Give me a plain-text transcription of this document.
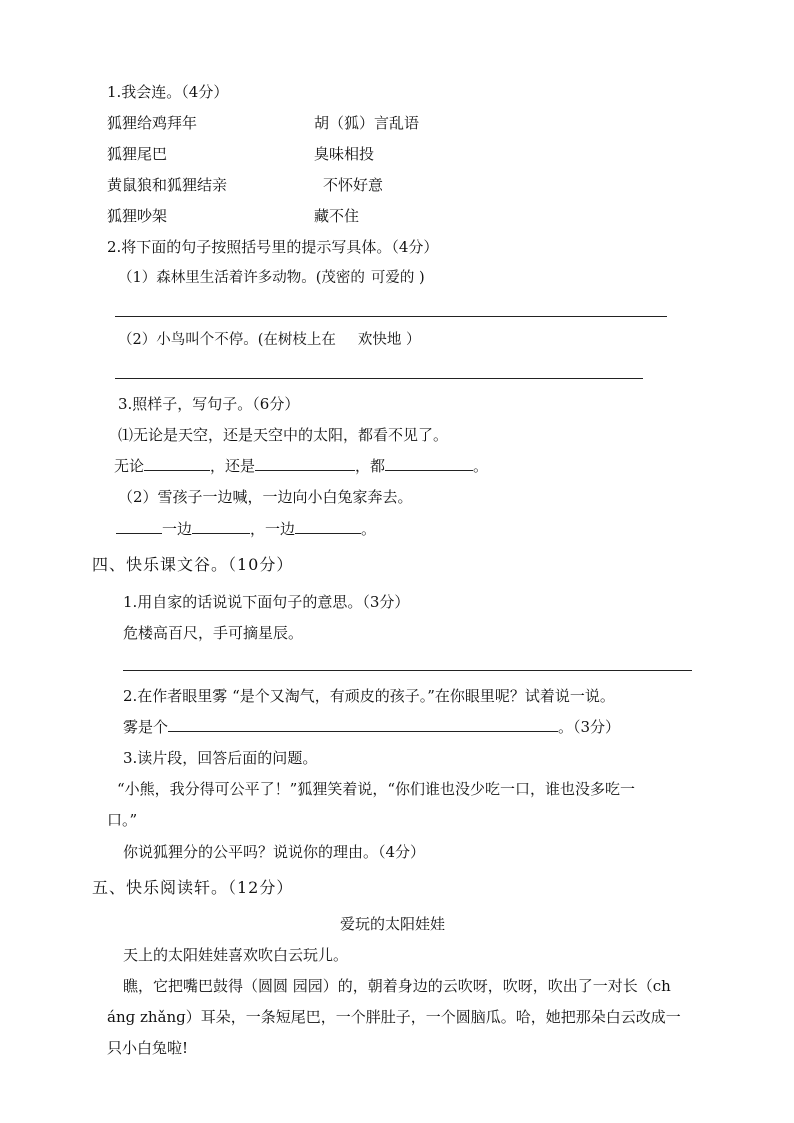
1.我会连。（4分）
狐狸给鸡拜年	胡（狐）言乱语
狐狸尾巴	臭味相投
黄鼠狼和狐狸结亲	不怀好意
狐狸吵架	藏不住
2.将下面的句子按照括号里的提示写具体。（4分）
（1）森林里生活着许多动物。(茂密的 可爱的 )
（2）小鸟叫个不停。(在树枝上在 欢快地 ）
3.照样子，写句子。（6分）
⑴无论是天空，还是天空中的太阳，都看不见了。
无论	，还是	，都	。
（2）雪孩子一边喊，一边向小白兔家奔去。
一边	，一边	。
四、快乐课文谷。（10分）
1.用自家的话说说下面句子的意思。（3分）
危楼高百尺，手可摘星辰。
2.在作者眼里雾 “是个又淘气，有顽皮的孩子。”在你眼里呢？试着说一说。
雾是个	。（3分）
3.读片段，回答后面的问题。
“小熊，我分得可公平了！”狐狸笑着说，“你们谁也没少吃一口，谁也没多吃一
口。”
你说狐狸分的公平吗？说说你的理由。（4分）
五、快乐阅读轩。（12分）
爱玩的太阳娃娃
天上的太阳娃娃喜欢吹白云玩儿。
瞧，它把嘴巴鼓得（圆圆 园园）的，朝着身边的云吹呀，吹呀，吹出了一对长（ch
ánɡ zhǎnɡ）耳朵，一条短尾巴，一个胖肚子，一个圆脑瓜。哈，她把那朵白云改成一
只小白兔啦!
